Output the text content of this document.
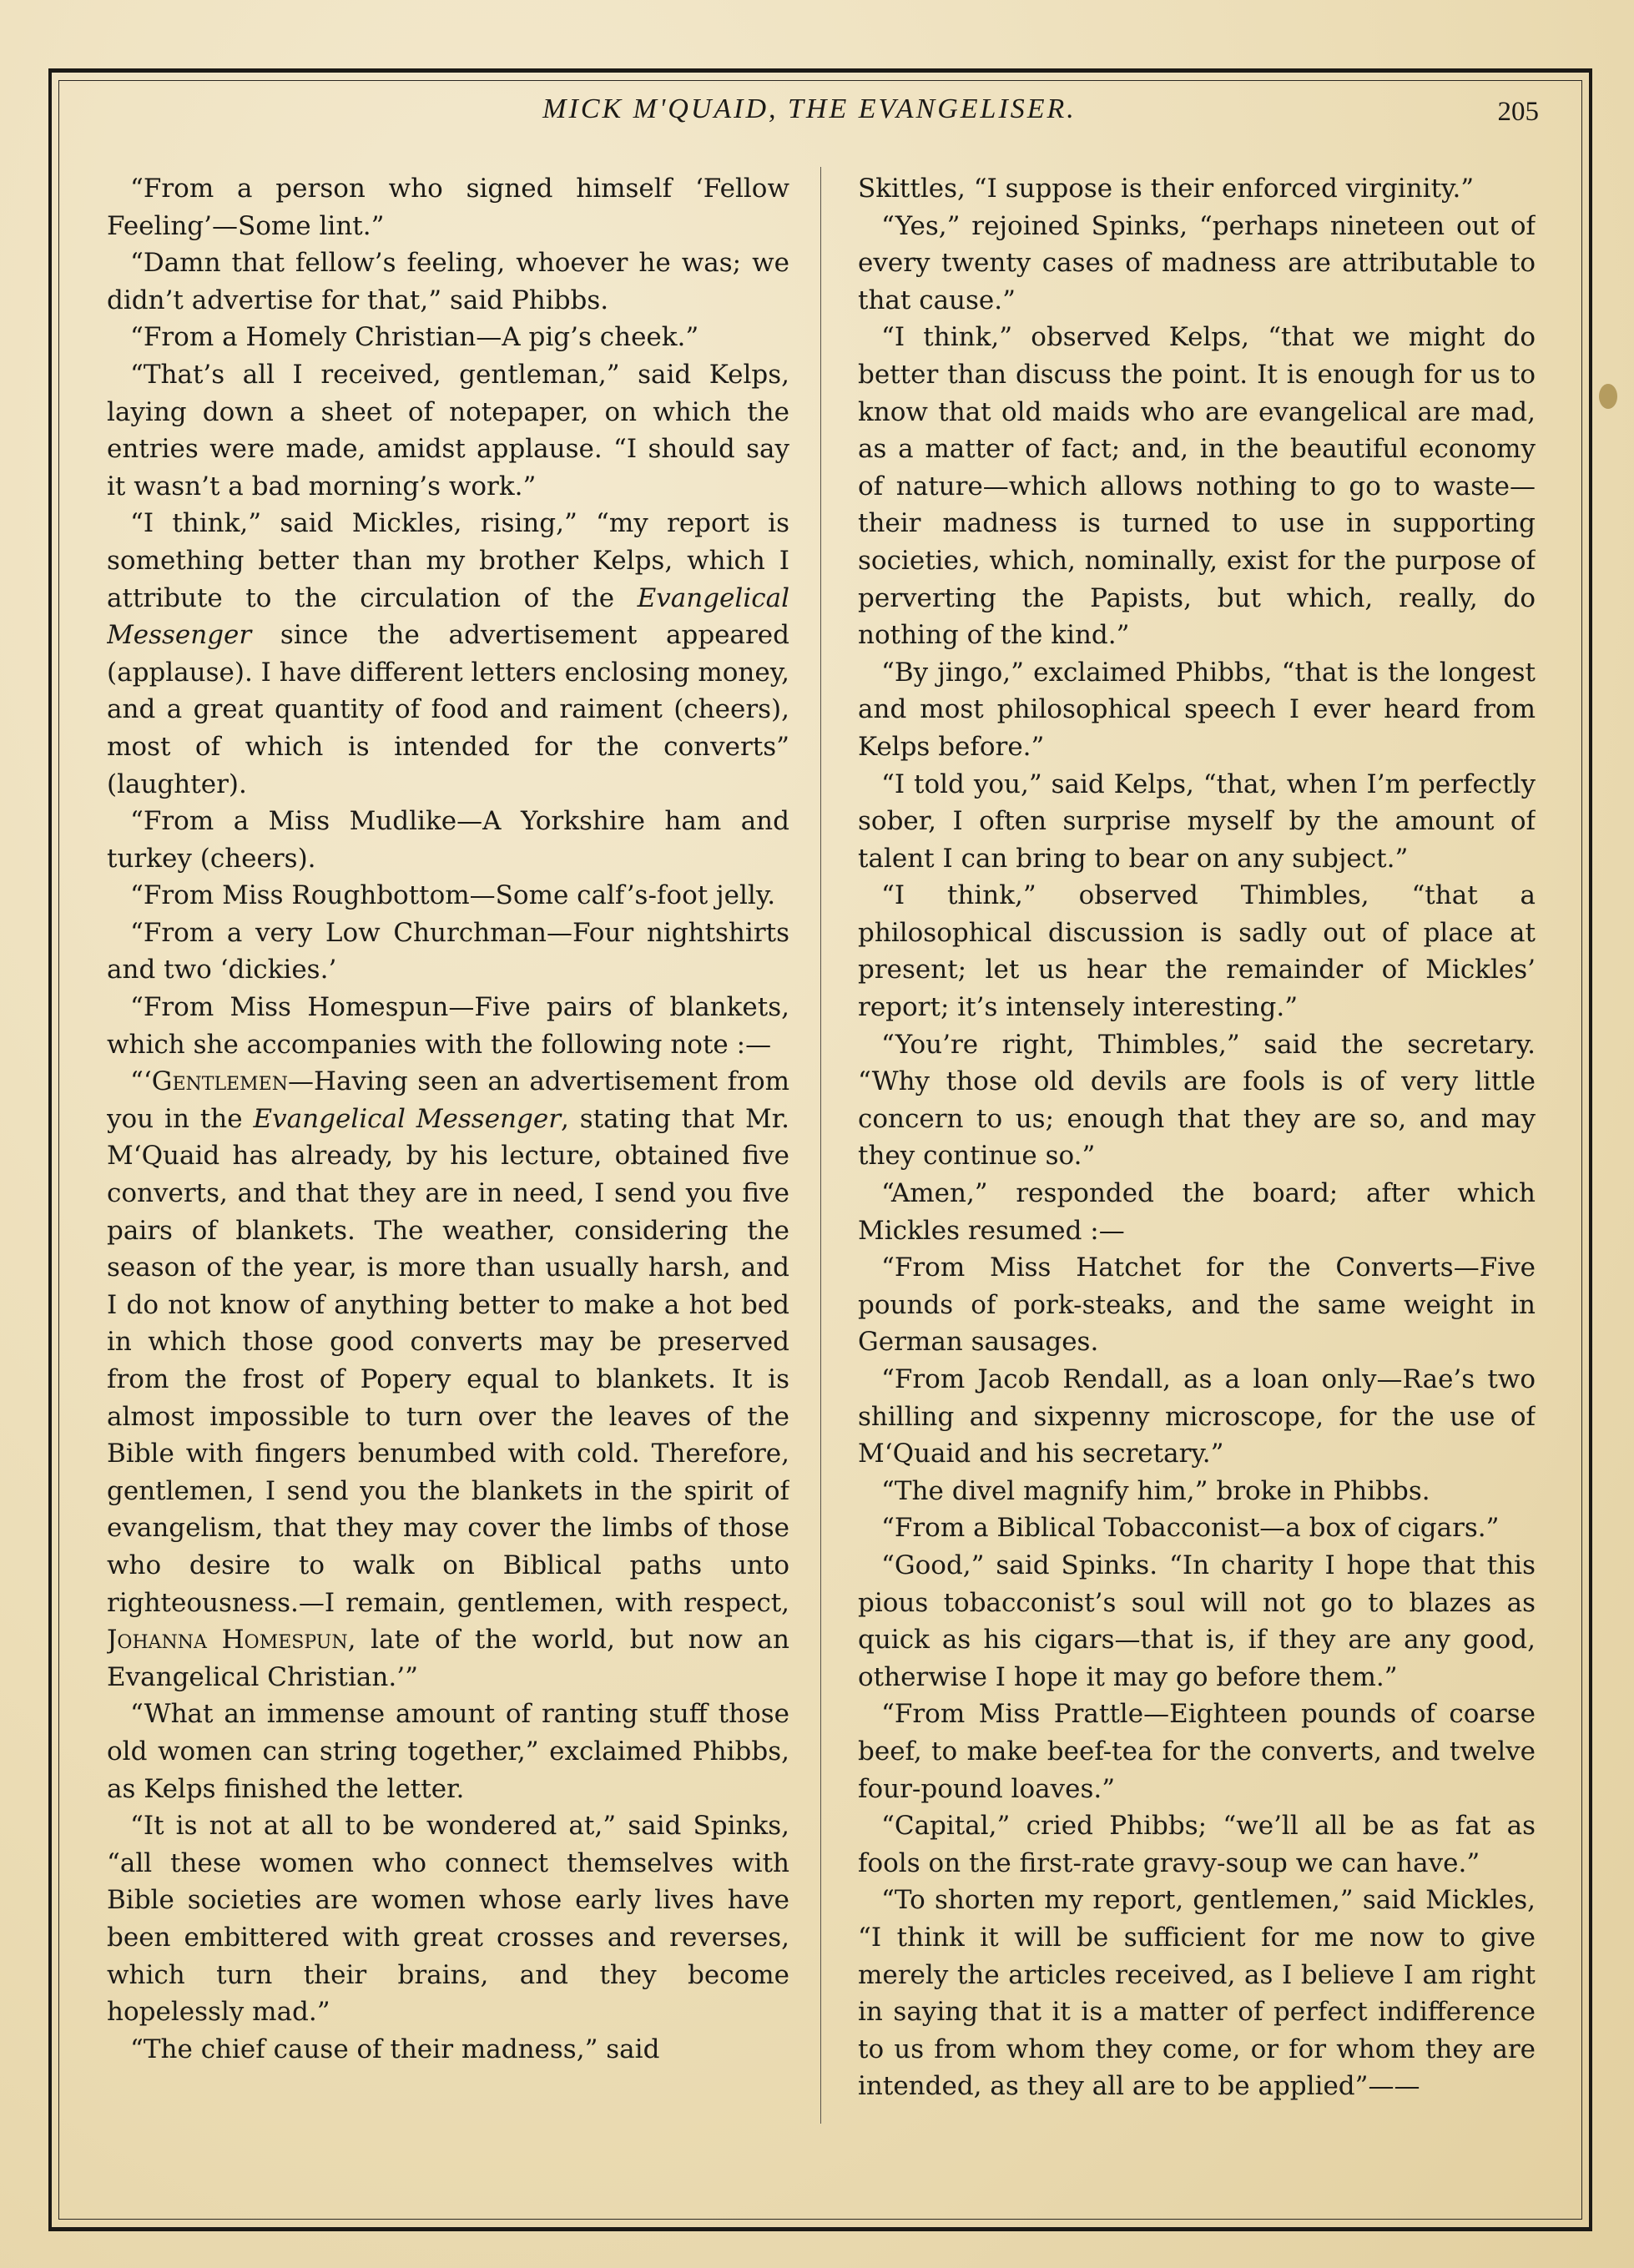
MICK M'QUAID, THE EVANGELISER.	205

“From a person who signed himself ‘Fellow Feeling’—Some lint.”

“Damn that fellow’s feeling, whoever he was; we didn’t advertise for that,” said Phibbs.

“From a Homely Christian—A pig’s cheek.”

“That’s all I received, gentleman,” said Kelps, laying down a sheet of notepaper, on which the entries were made, amidst applause. “I should say it wasn’t a bad morning’s work.”

“I think,” said Mickles, rising,” “my report is something better than my brother Kelps, which I attribute to the circulation of the Evangelical Messenger since the advertisement appeared (applause). I have different letters enclosing money, and a great quantity of food and raiment (cheers), most of which is intended for the converts” (laughter).

“From a Miss Mudlike—A Yorkshire ham and turkey (cheers).

“From Miss Roughbottom—Some calf’s-foot jelly.

“From a very Low Churchman—Four nightshirts and two ‘dickies.’

“From Miss Homespun—Five pairs of blankets, which she accompanies with the following note :—

“‘Gentlemen—Having seen an advertisement from you in the Evangelical Messenger, stating that Mr. M‘Quaid has already, by his lecture, obtained five converts, and that they are in need, I send you five pairs of blankets. The weather, considering the season of the year, is more than usually harsh, and I do not know of anything better to make a hot bed in which those good converts may be preserved from the frost of Popery equal to blankets. It is almost impossible to turn over the leaves of the Bible with fingers benumbed with cold. Therefore, gentlemen, I send you the blankets in the spirit of evangelism, that they may cover the limbs of those who desire to walk on Biblical paths unto righteousness.—I remain, gentlemen, with respect, Johanna Homespun, late of the world, but now an Evangelical Christian.’”

“What an immense amount of ranting stuff those old women can string together,” exclaimed Phibbs, as Kelps finished the letter.

“It is not at all to be wondered at,” said Spinks, “all these women who connect themselves with Bible societies are women whose early lives have been embittered with great crosses and reverses, which turn their brains, and they become hopelessly mad.”

“The chief cause of their madness,” said

Skittles, “I suppose is their enforced virginity.”

“Yes,” rejoined Spinks, “perhaps nineteen out of every twenty cases of madness are attributable to that cause.”

“I think,” observed Kelps, “that we might do better than discuss the point. It is enough for us to know that old maids who are evangelical are mad, as a matter of fact; and, in the beautiful economy of nature—which allows nothing to go to waste—their madness is turned to use in supporting societies, which, nominally, exist for the purpose of perverting the Papists, but which, really, do nothing of the kind.”

“By jingo,” exclaimed Phibbs, “that is the longest and most philosophical speech I ever heard from Kelps before.”

“I told you,” said Kelps, “that, when I’m perfectly sober, I often surprise myself by the amount of talent I can bring to bear on any subject.”

“I think,” observed Thimbles, “that a philosophical discussion is sadly out of place at present; let us hear the remainder of Mickles’ report; it’s intensely interesting.”

“You’re right, Thimbles,” said the secretary. “Why those old devils are fools is of very little concern to us; enough that they are so, and may they continue so.”

“Amen,” responded the board; after which Mickles resumed :—

“From Miss Hatchet for the Converts—Five pounds of pork-steaks, and the same weight in German sausages.

“From Jacob Rendall, as a loan only—Rae’s two shilling and sixpenny microscope, for the use of M‘Quaid and his secretary.”

“The divel magnify him,” broke in Phibbs.

“From a Biblical Tobacconist—a box of cigars.”

“Good,” said Spinks. “In charity I hope that this pious tobacconist’s soul will not go to blazes as quick as his cigars—that is, if they are any good, otherwise I hope it may go before them.”

“From Miss Prattle—Eighteen pounds of coarse beef, to make beef-tea for the converts, and twelve four-pound loaves.”

“Capital,” cried Phibbs; “we’ll all be as fat as fools on the first-rate gravy-soup we can have.”

“To shorten my report, gentlemen,” said Mickles, “I think it will be sufficient for me now to give merely the articles received, as I believe I am right in saying that it is a matter of perfect indifference to us from whom they come, or for whom they are intended, as they all are to be applied”——
